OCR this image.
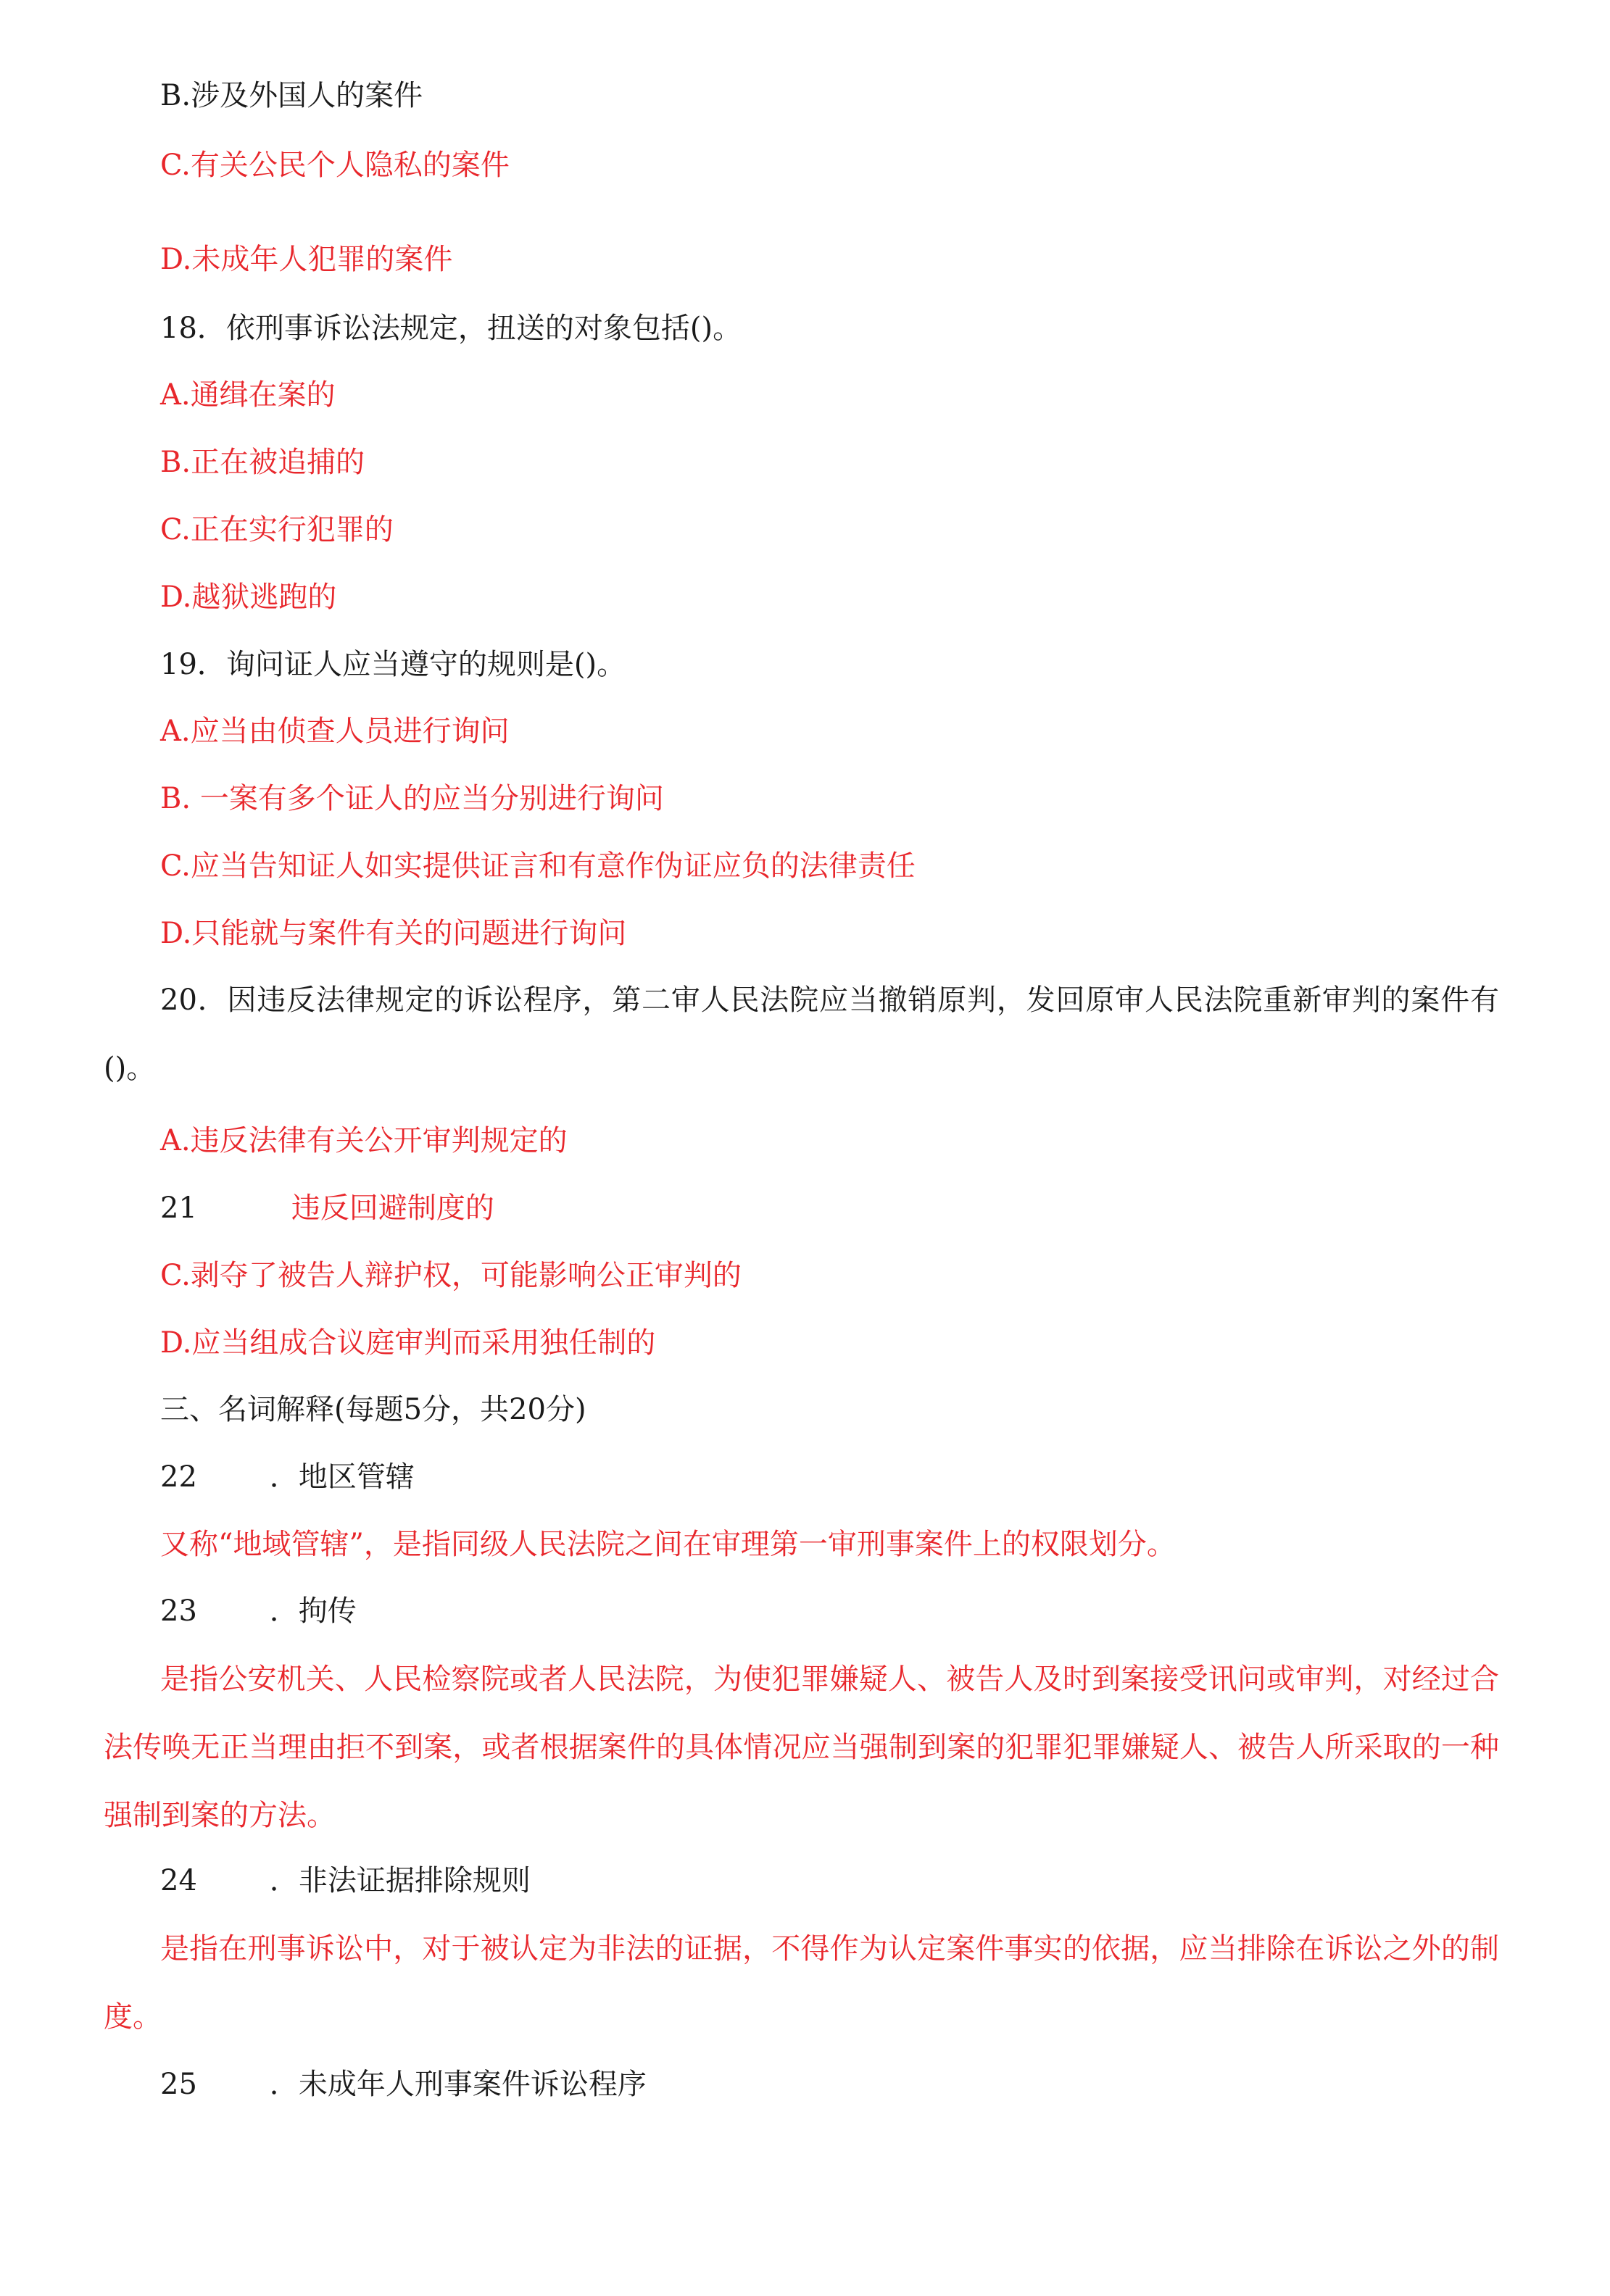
B.涉及外国人的案件

C.有关公民个人隐私的案件

D.未成年人犯罪的案件

18．依刑事诉讼法规定，扭送的对象包括()。

A.通缉在案的

B.正在被追捕的

C.正在实行犯罪的

D.越狱逃跑的

19．询问证人应当遵守的规则是()。

A.应当由侦查人员进行询问

B. 一案有多个证人的应当分别进行询问

C.应当告知证人如实提供证言和有意作伪证应负的法律责任

D.只能就与案件有关的问题进行询问

20．因违反法律规定的诉讼程序，第二审人民法院应当撤销原判，发回原审人民法院重新审判的案件有()。

A.违反法律有关公开审判规定的

21	违反回避制度的

C.剥夺了被告人辩护权，可能影响公正审判的

D.应当组成合议庭审判而采用独任制的

三、名词解释(每题5分，共20分)

22	．地区管辖

又称“地域管辖”，是指同级人民法院之间在审理第一审刑事案件上的权限划分。

23	．拘传

是指公安机关、人民检察院或者人民法院，为使犯罪嫌疑人、被告人及时到案接受讯问或审判，对经过合法传唤无正当理由拒不到案，或者根据案件的具体情况应当强制到案的犯罪犯罪嫌疑人、被告人所采取的一种强制到案的方法。

24	．非法证据排除规则

是指在刑事诉讼中，对于被认定为非法的证据，不得作为认定案件事实的依据，应当排除在诉讼之外的制度。

25	．未成年人刑事案件诉讼程序
